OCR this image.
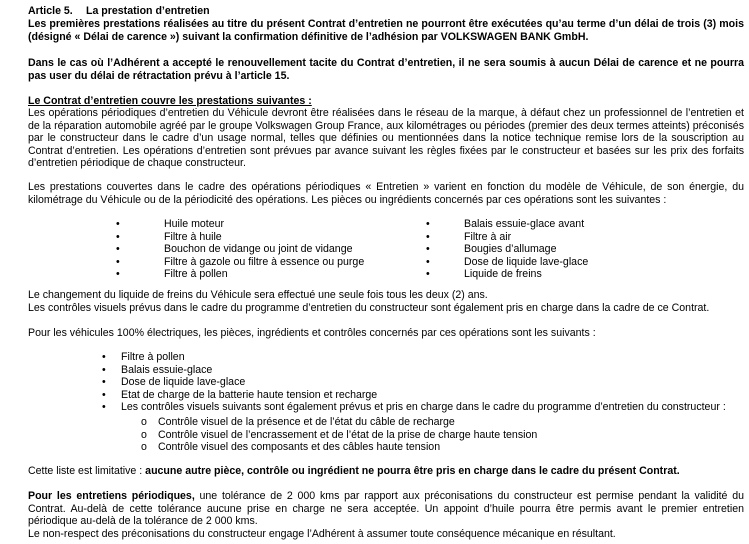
Article 5. La prestation d’entretien
Les premières prestations réalisées au titre du présent Contrat d’entretien ne pourront être exécutées qu’au terme d’un délai de trois (3) mois (désigné « Délai de carence ») suivant la confirmation définitive de l’adhésion par VOLKSWAGEN BANK GmbH.
Dans le cas où l’Adhérent a accepté le renouvellement tacite du Contrat d’entretien, il ne sera soumis à aucun Délai de carence et ne pourra pas user du délai de rétractation prévu à l’article 15.
Le Contrat d’entretien couvre les prestations suivantes :
Les opérations périodiques d’entretien du Véhicule devront être réalisées dans le réseau de la marque, à défaut chez un professionnel de l’entretien et de la réparation automobile agréé par le groupe Volkswagen Group France, aux kilométrages ou périodes (premier des deux termes atteints) préconisés par le constructeur dans le cadre d’un usage normal, telles que définies ou mentionnées dans la notice technique remise lors de la souscription au Contrat d’entretien. Les opérations d’entretien sont prévues par avance suivant les règles fixées par le constructeur et basées sur les prix des forfaits d’entretien périodique de chaque constructeur.
Les prestations couvertes dans le cadre des opérations périodiques « Entretien » varient en fonction du modèle de Véhicule, de son énergie, du kilométrage du Véhicule ou de la périodicité des opérations. Les pièces ou ingrédients concernés par ces opérations sont les suivantes :
•
•
•
•
•
Huile moteur
Filtre à huile
Bouchon de vidange ou joint de vidange
Filtre à gazole ou filtre à essence ou purge
Filtre à pollen
•
•
•
•
•
Balais essuie-glace avant
Filtre à air
Bougies d’allumage
Dose de liquide lave-glace
Liquide de freins
Le changement du liquide de freins du Véhicule sera effectué une seule fois tous les deux (2) ans.
Les contrôles visuels prévus dans le cadre du programme d’entretien du constructeur sont également pris en charge dans la cadre de ce Contrat.
Pour les véhicules 100% électriques, les pièces, ingrédients et contrôles concernés par ces opérations sont les suivants :
•
•
•
•
•
Filtre à pollen
Balais essuie-glace
Dose de liquide lave-glace
Etat de charge de la batterie haute tension et recharge
Les contrôles visuels suivants sont également prévus et pris en charge dans le cadre du programme d’entretien du constructeur :
o
o
o
Contrôle visuel de la présence et de l’état du câble de recharge
Contrôle visuel de l’encrassement et de l’état de la prise de charge haute tension
Contrôle visuel des composants et des câbles haute tension
Cette liste est limitative : aucune autre pièce, contrôle ou ingrédient ne pourra être pris en charge dans le cadre du présent Contrat.
Pour les entretiens périodiques, une tolérance de 2 000 kms par rapport aux préconisations du constructeur est permise pendant la validité du Contrat. Au-delà de cette tolérance aucune prise en charge ne sera acceptée. Un appoint d’huile pourra être permis avant le premier entretien périodique au-delà de la tolérance de 2 000 kms.
Le non-respect des préconisations du constructeur engage l’Adhérent à assumer toute conséquence mécanique en résultant.
